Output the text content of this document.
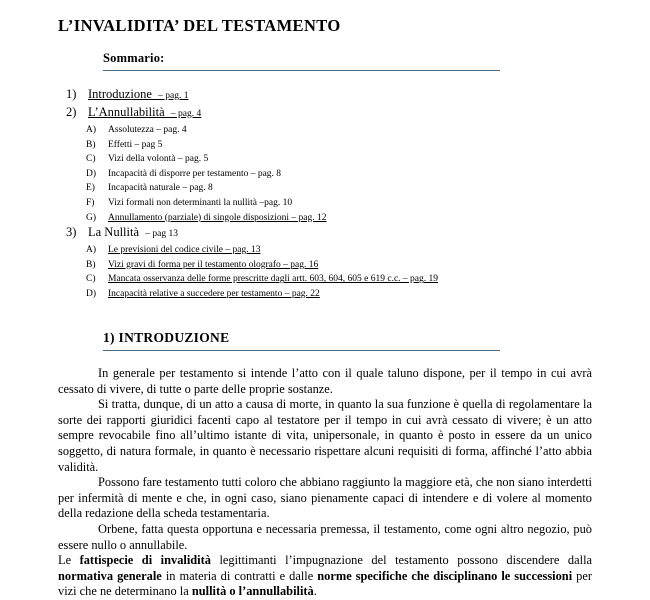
L’INVALIDITA’ DEL TESTAMENTO
Sommario:
1) Introduzione  – pag. 1
2) L’Annullabilità  – pag. 4
A)	Assolutezza – pag. 4
B)	Effetti – pag 5
C)	Vizi della volontà – pag. 5
D)	Incapacità di disporre per testamento – pag. 8
E)	Incapacità naturale – pag. 8
F)	Vizi formali non determinanti la nullità –pag. 10
G)	Annullamento (parziale) di singole disposizioni – pag. 12
3) La Nullità  – pag 13
A)	Le previsioni del codice civile – pag. 13
B)	Vizi gravi di forma per il testamento olografo – pag. 16
C)	Mancata osservanza delle forme prescritte dagli artt. 603, 604, 605 e 619 c.c. – pag. 19
D)	Incapacità relative a succedere per testamento – pag. 22
1) INTRODUZIONE

In generale per testamento si intende l’atto con il quale taluno dispone, per il tempo in cui avrà cessato di vivere, di tutte o parte delle proprie sostanze.

Si tratta, dunque, di un atto a causa di morte, in quanto la sua funzione è quella di regolamentare la sorte dei rapporti giuridici facenti capo al testatore per il tempo in cui avrà cessato di vivere; è un atto sempre revocabile fino all’ultimo istante di vita, unipersonale, in quanto è posto in essere da un unico soggetto, di natura formale, in quanto è necessario rispettare alcuni requisiti di forma, affinché l’atto abbia validità.

Possono fare testamento tutti coloro che abbiano raggiunto la maggiore età, che non siano interdetti per infermità di mente e che, in ogni caso, siano pienamente capaci di intendere e di volere al momento della redazione della scheda testamentaria.

Orbene, fatta questa opportuna e necessaria premessa, il testamento, come ogni altro negozio, può essere nullo o annullabile.

Le fattispecie di invalidità legittimanti l’impugnazione del testamento possono discendere dalla normativa generale in materia di contratti e dalle norme specifiche che disciplinano le successioni per vizi che ne determinano la nullità o l’annullabilità.
